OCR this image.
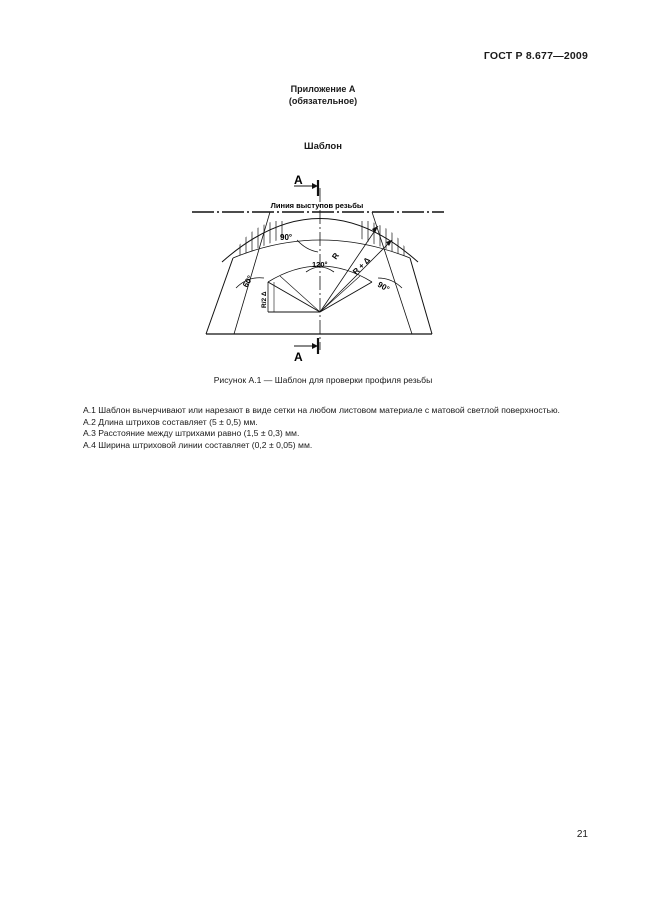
ГОСТ Р 8.677—2009
Приложение А
(обязательное)
Шаблон
А
А
Линия выступов резьбы
90°
120°
R R + Δ
60°	90°
R/2 Δ
Рисунок А.1 — Шаблон для проверки профиля резьбы

А.1 Шаблон вычерчивают или нарезают в виде сетки на любом листовом материале с матовой светлой поверхностью.

А.2 Длина штрихов составляет (5 ± 0,5) мм.

А.3 Расстояние между штрихами равно (1,5 ± 0,3) мм.

А.4 Ширина штриховой линии составляет (0,2 ± 0,05) мм.

21
